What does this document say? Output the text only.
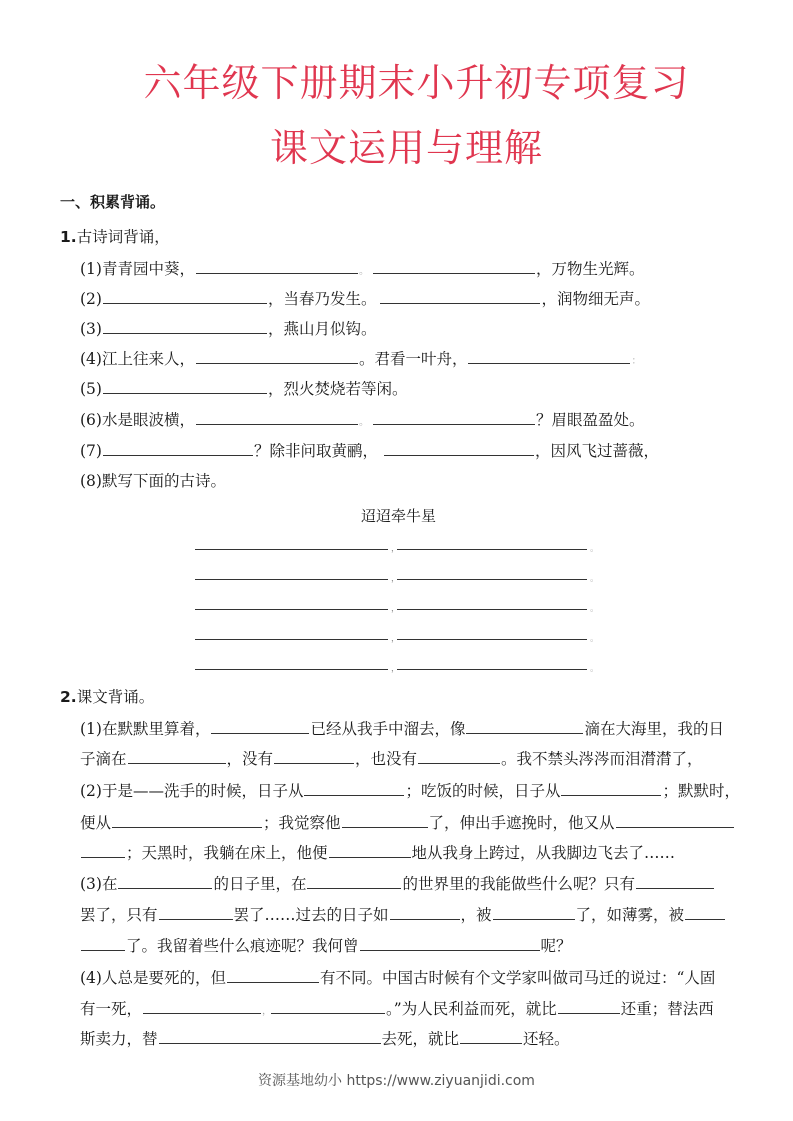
六年级下册期末小升初专项复习
课文运用与理解
一、积累背诵。
1.古诗词背诵，
(1)青青园中葵，	。	，万物生光辉。
(2)	，当春乃发生。	，润物细无声。
(3)	，燕山月似钩。
(4)江上往来人，	。君看一叶舟，	：
(5)	，烈火焚烧若等闲。
(6)水是眼波横，	。	？眉眼盈盈处。
(7)	？除非问取黄鹂，	，因风飞过蔷薇，
(8)默写下面的古诗。
迢迢牵牛星
，	。
，	。
，	。
，	。
，	。
2.课文背诵。
(1)在默默里算着，	已经从我手中溜去，像	滴在大海里，我的日
子滴在	，没有	，也没有	。我不禁头涔涔而泪潸潸了，
(2)于是——洗手的时候，日子从	；吃饭的时候，日子从	；默默时，
便从	；我觉察他	了，伸出手遮挽时，他又从
；天黑时，我躺在床上，他便	地从我身上跨过，从我脚边飞去了……
(3)在	的日子里，在	的世界里的我能做些什么呢？只有
罢了，只有	罢了……过去的日子如	，被	了，如薄雾，被
了。我留着些什么痕迹呢？我何曾	呢？
(4)人总是要死的，但	有不同。中国古时候有个文学家叫做司马迁的说过：“人固
有一死，	，	。”为人民利益而死，就比	还重；替法西
斯卖力，替	去死，就比	还轻。
资源基地幼小 https://www.ziyuanjidi.com
